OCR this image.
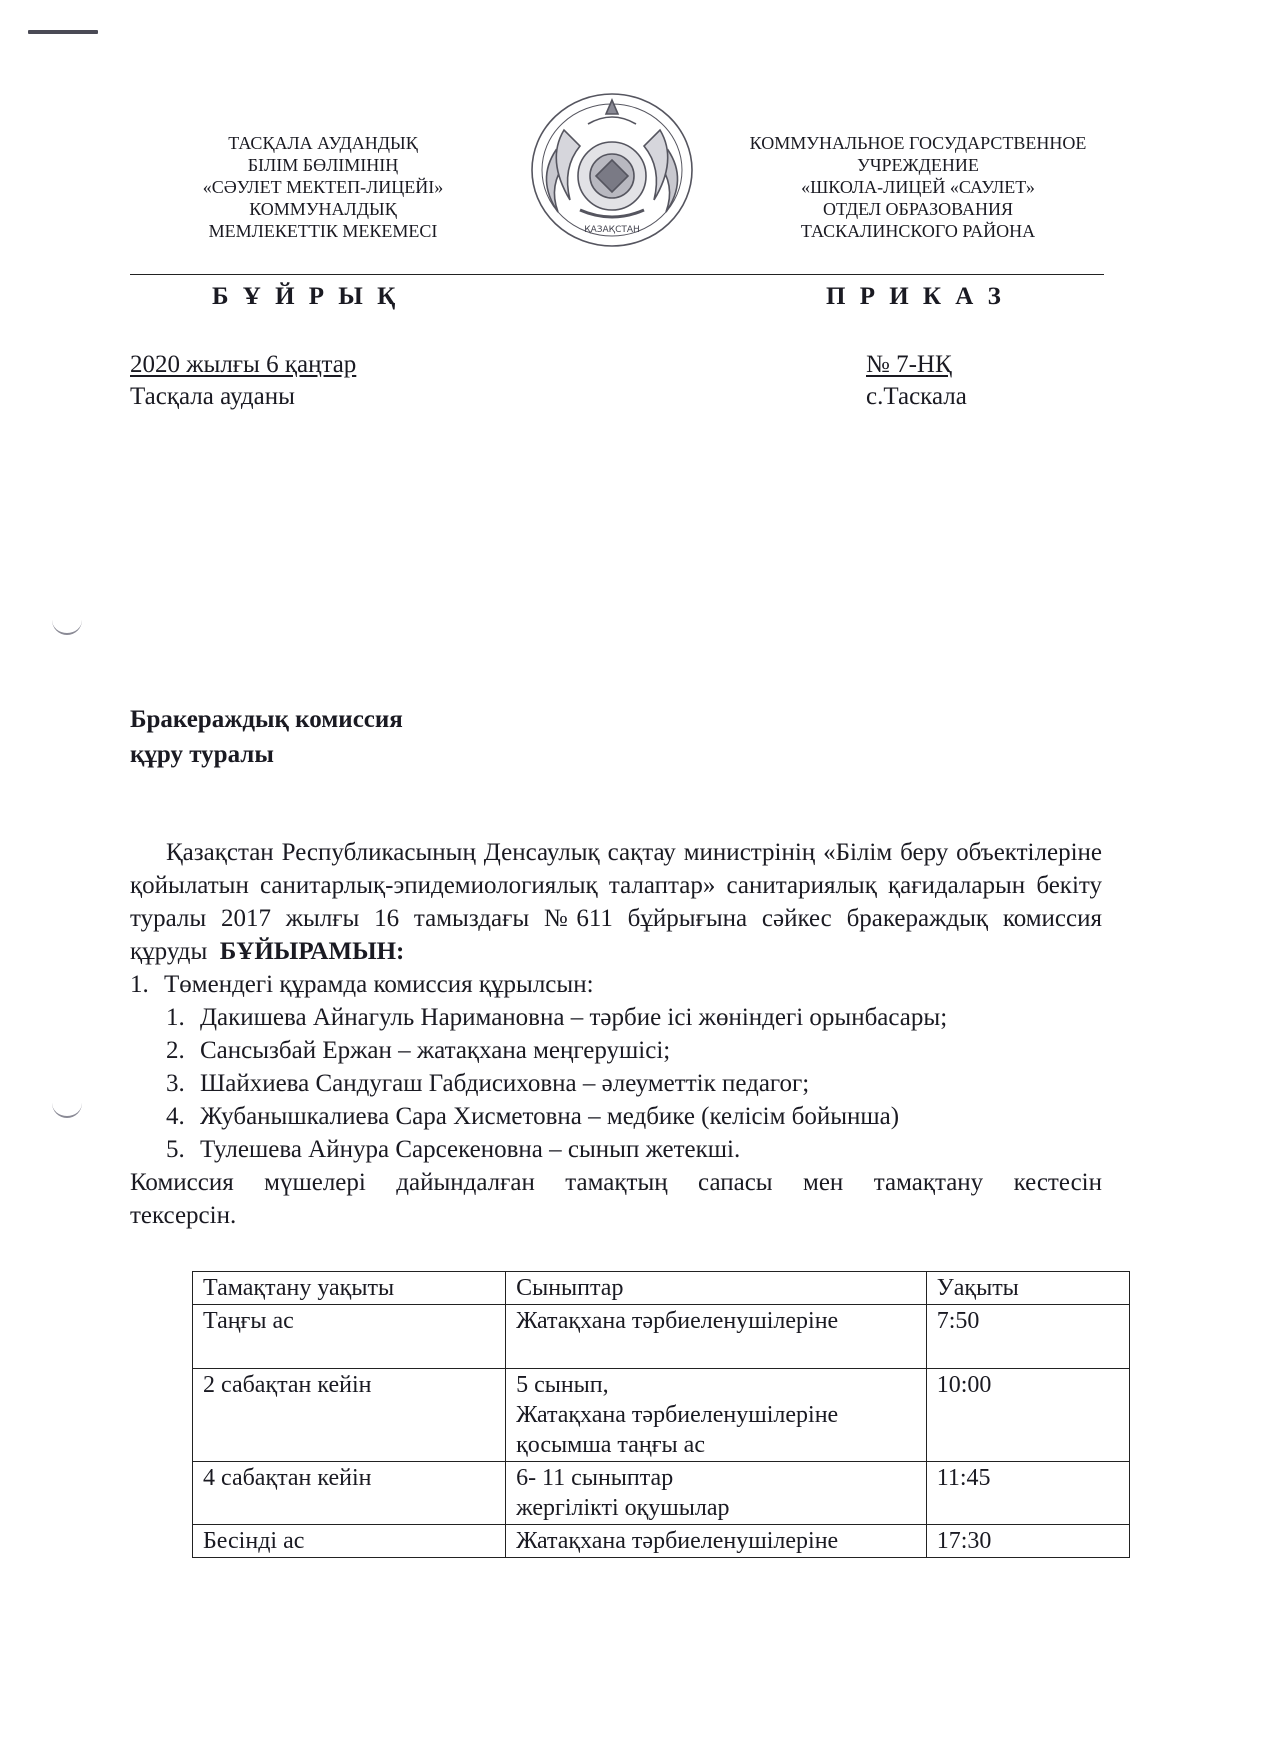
ТАСҚАЛА АУДАНДЫҚ
БІЛІМ БӨЛІМІНІҢ
«СӘУЛЕТ МЕКТЕП-ЛИЦЕЙІ»
КОММУНАЛДЫҚ
МЕМЛЕКЕТТІК МЕКЕМЕСІ	ҚАЗАҚСТАН
КОММУНАЛЬНОЕ ГОСУДАРСТВЕННОЕ
УЧРЕЖДЕНИЕ
«ШКОЛА-ЛИЦЕЙ «САУЛЕТ»
ОТДЕЛ ОБРАЗОВАНИЯ
ТАСКАЛИНСКОГО РАЙОНА
Б Ұ Й Р Ы Қ	П Р И К А З
2020 жылғы 6 қаңтар
Тасқала ауданы
№ 7-НҚ
с.Таскала
Бракераждық комиссия
құру туралы

Қазақстан Республикасының Денсаулық сақтау министрінің «Білім беру объектілеріне қойылатын санитарлық-эпидемиологиялық талаптар» санитариялық қағидаларын бекіту туралы 2017 жылғы 16 тамыздағы №611 бұйрығына сәйкес бракераждық комиссия құруды БҰЙЫРАМЫН:

1. Төмендегі құрамда комиссия құрылсын:
1. Дакишева Айнагуль Наримановна – тәрбие ісі жөніндегі орынбасары;
2. Сансызбай Ержан – жатақхана меңгерушісі;
3. Шайхиева Сандугаш Габдисиховна – әлеуметтік педагог;
4. Жубанышкалиева Сара Хисметовна – медбике (келісім бойынша)
5. Тулешева Айнура Сарсекеновна – сынып жетекші.
Комиссия мүшелері дайындалған тамақтың сапасы мен тамақтану кестесін
тексерсін.
Тамақтану уақыты	Сыныптар	Уақыты
Таңғы ас	Жатақхана тәрбиеленушілеріне	7:50
2 сабақтан кейін	5 сынып,
Жатақхана тәрбиеленушілеріне
қосымша таңғы ас	10:00
4 сабақтан кейін	6- 11 сыныптар
жергілікті оқушылар	11:45
Бесінді ас	Жатақхана тәрбиеленушілеріне	17:30
